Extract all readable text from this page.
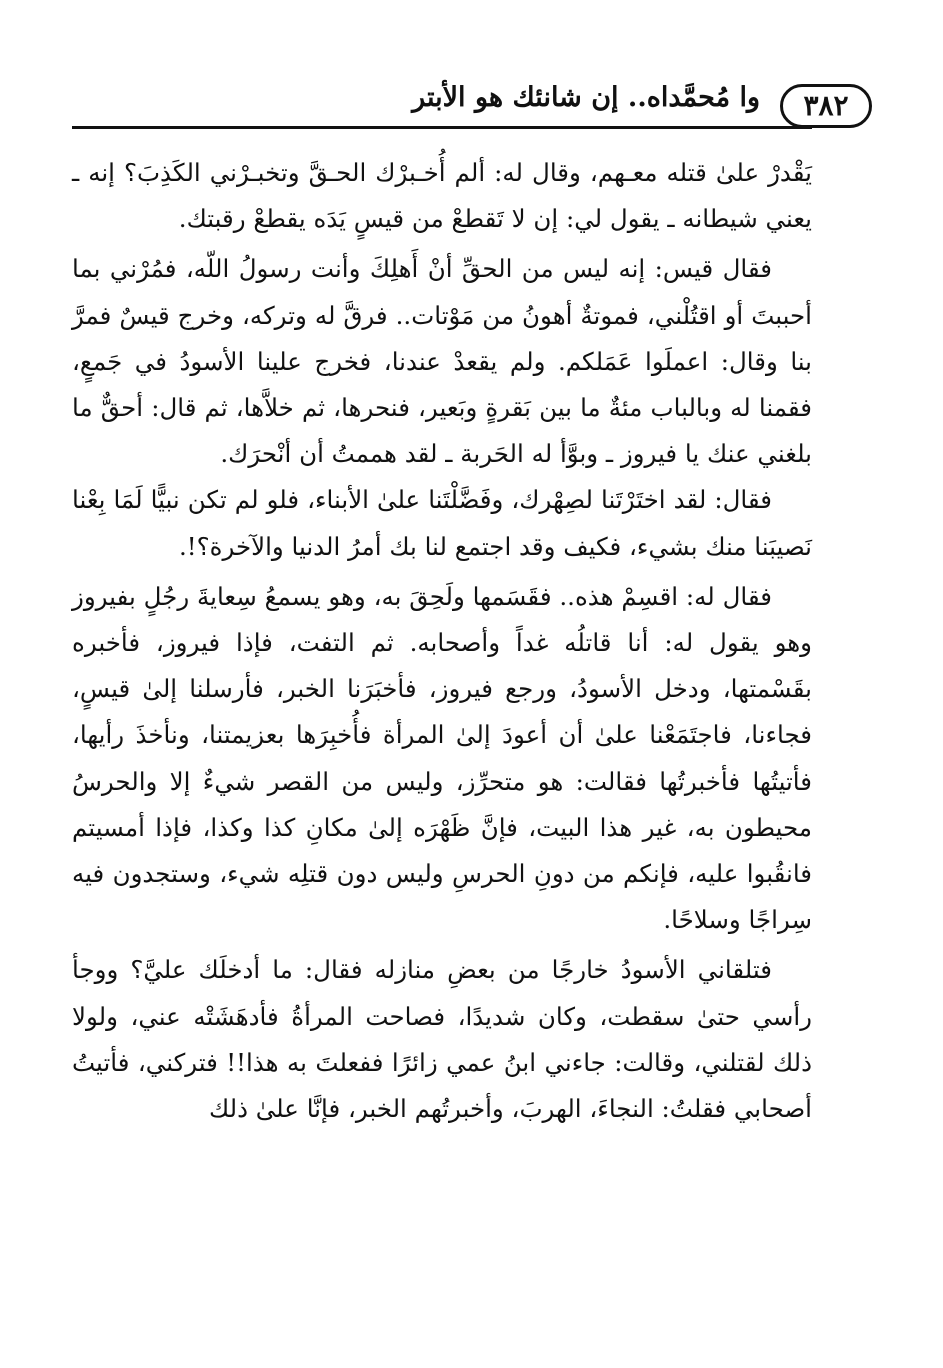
٣٨٢
وا مُحمَّداه.. إن شانئك هو الأبتر

يَقْدرْ علىٰ قتله معـهم، وقال له: ألم أُخـبرْك الحـقَّ وتخبـرْني الكَذِبَ؟ إنه ـ يعني شيطانه ـ يقول لي: إن لا تَقطعْ من قيسٍ يَدَه يقطعْ رقبتك.

فقال قيس: إنه ليس من الحقِّ أنْ أَهلِكَ وأنت رسولُ اللّه، فمُرْني بما أحببتَ أو اقتُلْني، فموتةٌ أهونُ من مَوْتات.. فرقَّ له وتركه، وخرج قيسٌ فمرَّ بنا وقال: اعملَوا عَمَلكم. ولم يقعدْ عندنا، فخرج علينا الأسودُ في جَمعٍ، فقمنا له وبالباب مئةٌ ما بين بَقرةٍ وبَعير، فنحرها، ثم خلاَّها، ثم قال: أحقٌّ ما بلغني عنك يا فيروز ـ وبوَّأ له الحَربة ـ لقد هممتُ أن أنْحرَك.

فقال: لقد اختَرْتَنا لصِهْرك، وفَضَّلْتَنا علىٰ الأبناء، فلو لم تكن نبيًّا لَمَا بِعْنا نَصيبَنا منك بشيء، فكيف وقد اجتمع لنا بك أمرُ الدنيا والآخرة؟!.

فقال له: اقسِمْ هذه.. فقَسَمها ولَحِقَ به، وهو يسمعُ سِعايةَ رجُلٍ بفيروز وهو يقول له: أنا قاتلُه غداً وأصحابه. ثم التفت، فإذا فيروز، فأخبره بقَسْمتها، ودخل الأسودُ، ورجع فيروز، فأخبَرَنا الخبر، فأرسلنا إلىٰ قيسٍ، فجاءنا، فاجتَمَعْنا علىٰ أن أعودَ إلىٰ المرأة فأُخبِرَها بعزيمتنا، ونأخذَ رأيها، فأتيتُها فأخبرتُها فقالت: هو متحرِّز، وليس من القصر شيءٌ إلا والحرسُ محيطون به، غير هذا البيت، فإنَّ ظَهْرَه إلىٰ مكانِ كذا وكذا، فإذا أمسيتم فانقُبوا عليه، فإنكم من دونِ الحرسِ وليس دون قتلِه شيء، وستجدون فيه سِراجًا وسلاحًا.

فتلقاني الأسودُ خارجًا من بعضِ منازله فقال: ما أدخلَك عليَّ؟ ووجأ رأسي حتىٰ سقطت، وكان شديدًا، فصاحت المرأةُ فأدهَشَتْه عني، ولولا ذلك لقتلني، وقالت: جاءني ابنُ عمي زائرًا ففعلتَ به هذا!! فتركني، فأتيتُ أصحابي فقلتُ: النجاءَ، الهربَ، وأخبرتُهم الخبر، فإنَّا علىٰ ذلك
